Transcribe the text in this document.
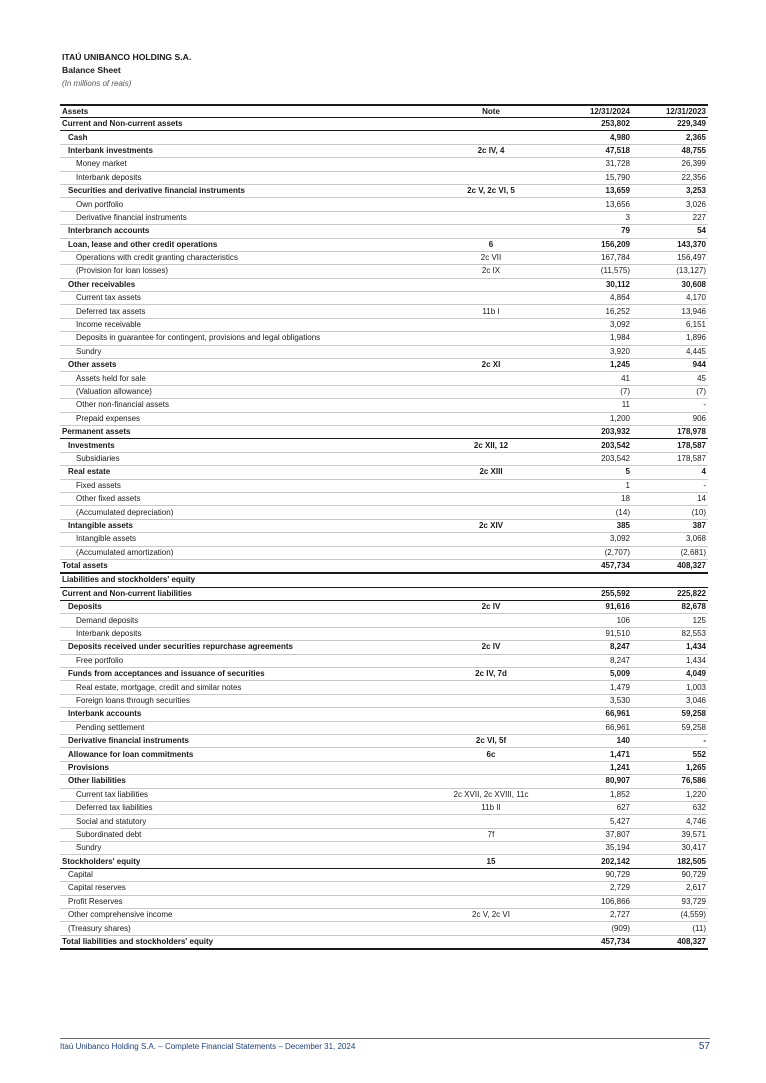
ITAÚ UNIBANCO HOLDING S.A.
Balance Sheet
(In millions of reais)
Assets	Note	12/31/2024	12/31/2023
Current and Non-current assets		253,802	229,349
Cash		4,980	2,365
Interbank investments	2c IV, 4	47,518	48,755
Money market		31,728	26,399
Interbank deposits		15,790	22,356
Securities and derivative financial instruments	2c V, 2c VI, 5	13,659	3,253
Own portfolio		13,656	3,026
Derivative financial instruments		3	227
Interbranch accounts		79	54
Loan, lease and other credit operations	6	156,209	143,370
Operations with credit granting characteristics	2c VII	167,784	156,497
(Provision for loan losses)	2c IX	(11,575)	(13,127)
Other receivables		30,112	30,608
Current tax assets		4,864	4,170
Deferred tax assets	11b I	16,252	13,946
Income receivable		3,092	6,151
Deposits in guarantee for contingent, provisions and legal obligations		1,984	1,896
Sundry		3,920	4,445
Other assets	2c XI	1,245	944
Assets held for sale		41	45
(Valuation allowance)		(7)	(7)
Other non-financial assets		11	-
Prepaid expenses		1,200	906
Permanent assets		203,932	178,978
Investments	2c XII, 12	203,542	178,587
Subsidiaries		203,542	178,587
Real estate	2c XIII	5	4
Fixed assets		1	-
Other fixed assets		18	14
(Accumulated depreciation)		(14)	(10)
Intangible assets	2c XIV	385	387
Intangible assets		3,092	3,068
(Accumulated amortization)		(2,707)	(2,681)
Total assets		457,734	408,327
Liabilities and stockholders' equity			
Current and Non-current liabilities		255,592	225,822
Deposits	2c IV	91,616	82,678
Demand deposits		106	125
Interbank deposits		91,510	82,553
Deposits received under securities repurchase agreements	2c IV	8,247	1,434
Free portfolio		8,247	1,434
Funds from acceptances and issuance of securities	2c IV, 7d	5,009	4,049
Real estate, mortgage, credit and similar notes		1,479	1,003
Foreign loans through securities		3,530	3,046
Interbank accounts		66,961	59,258
Pending settlement		66,961	59,258
Derivative financial instruments	2c VI, 5f	140	-
Allowance for loan commitments	6c	1,471	552
Provisions		1,241	1,265
Other liabilities		80,907	76,586
Current tax liabilities	2c XVII, 2c XVIII, 11c	1,852	1,220
Deferred tax liabilities	11b II	627	632
Social and statutory		5,427	4,746
Subordinated debt	7f	37,807	39,571
Sundry		35,194	30,417
Stockholders' equity	15	202,142	182,505
Capital		90,729	90,729
Capital reserves		2,729	2,617
Profit Reserves		106,866	93,729
Other comprehensive income	2c V, 2c VI	2,727	(4,559)
(Treasury shares)		(909)	(11)
Total liabilities and stockholders' equity		457,734	408,327
Itaú Unibanco Holding S.A. – Complete Financial Statements – December 31, 2024	57
